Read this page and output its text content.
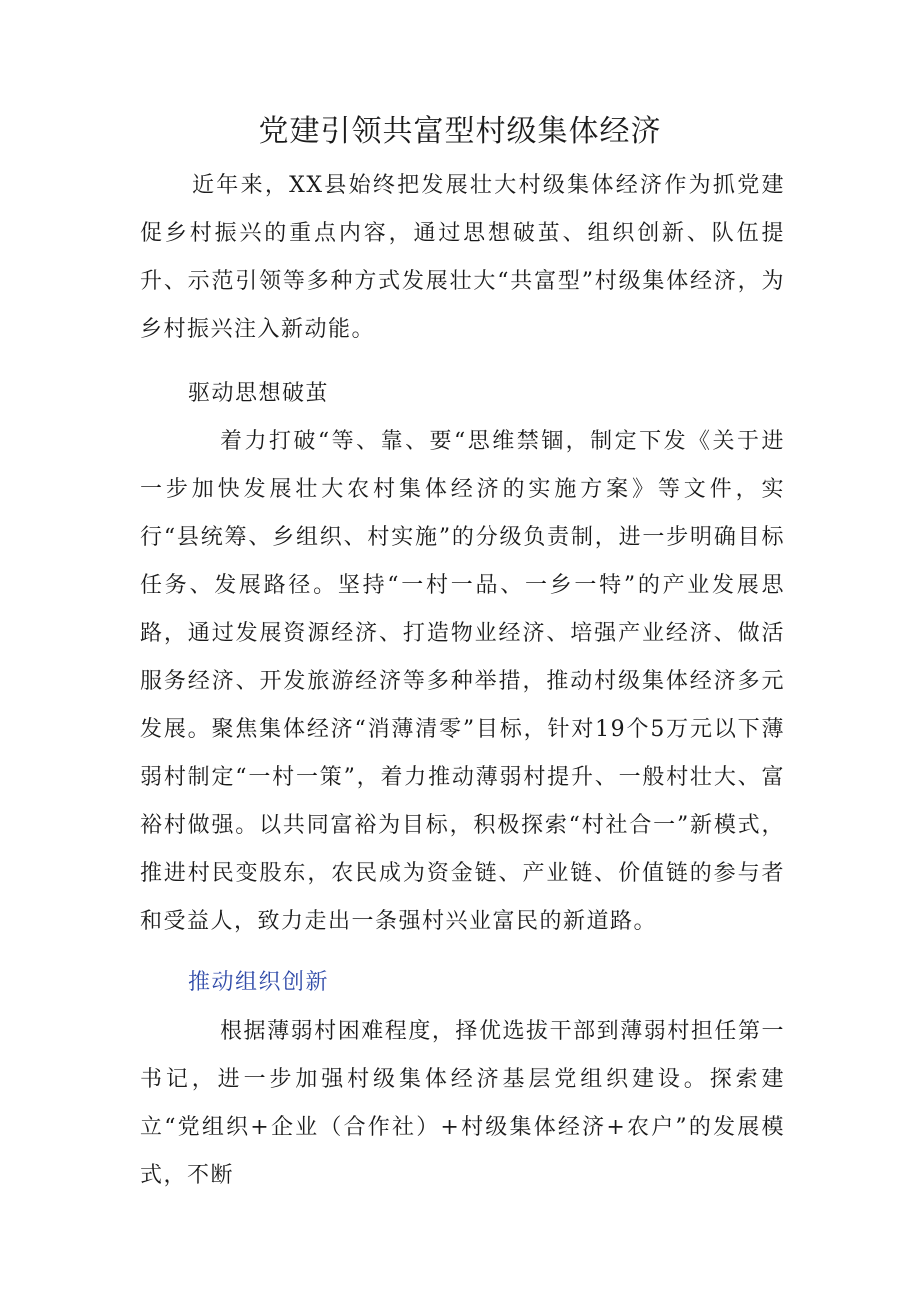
党建引领共富型村级集体经济

近年来，XX县始终把发展壮大村级集体经济作为抓党建促乡村振兴的重点内容，通过思想破茧、组织创新、队伍提升、示范引领等多种方式发展壮大“共富型”村级集体经济，为乡村振兴注入新动能。

驱动思想破茧

着力打破“等、靠、要“思维禁锢，制定下发《关于进一步加快发展壮大农村集体经济的实施方案》等文件，实行“县统筹、乡组织、村实施”的分级负责制，进一步明确目标任务、发展路径。坚持“一村一品、一乡一特”的产业发展思路，通过发展资源经济、打造物业经济、培强产业经济、做活服务经济、开发旅游经济等多种举措，推动村级集体经济多元发展。聚焦集体经济“消薄清零”目标，针对19个5万元以下薄弱村制定“一村一策”，着力推动薄弱村提升、一般村壮大、富裕村做强。以共同富裕为目标，积极探索“村社合一”新模式，推进村民变股东，农民成为资金链、产业链、价值链的参与者和受益人，致力走出一条强村兴业富民的新道路。

推动组织创新

根据薄弱村困难程度，择优选拔干部到薄弱村担任第一书记，进一步加强村级集体经济基层党组织建设。探索建立“党组织+企业（合作社）+村级集体经济+农户”的发展模式，不断
